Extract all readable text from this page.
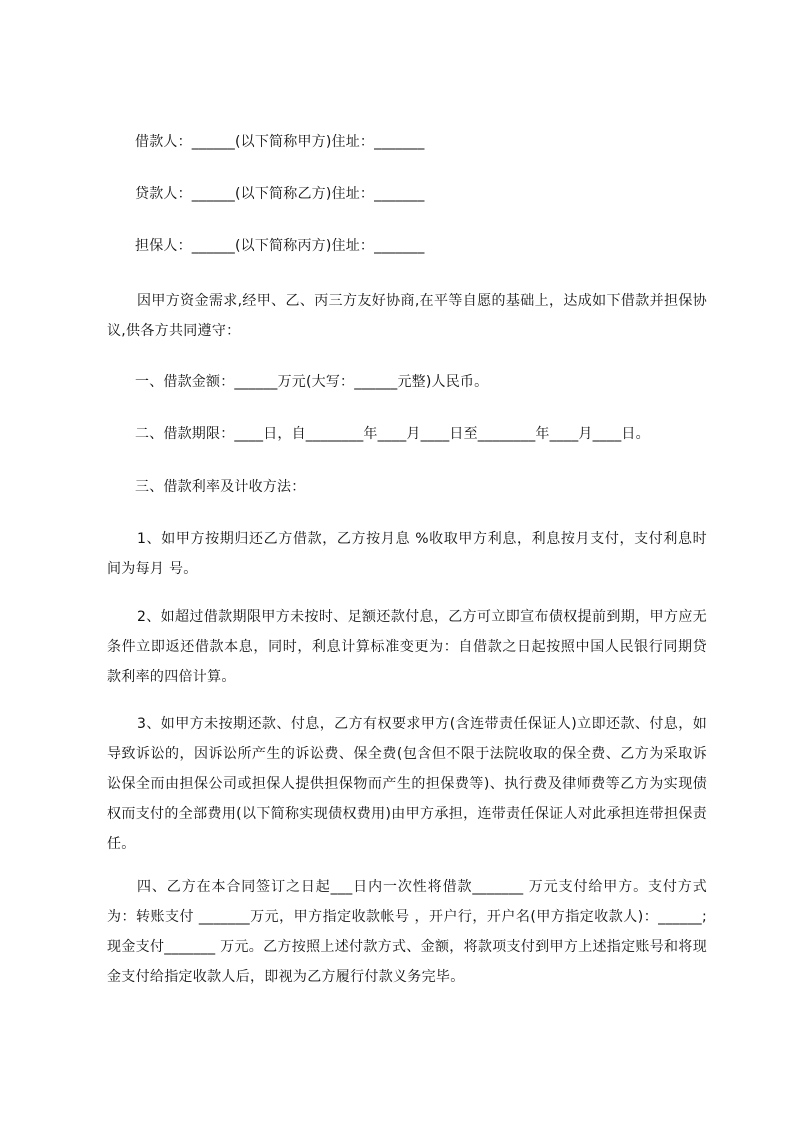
借款人：______(以下简称甲方)住址：_______
贷款人：______(以下简称乙方)住址：_______
担保人：______(以下简称丙方)住址：_______
因甲方资金需求,经甲、乙、丙三方友好协商,在平等自愿的基础上，达成如下借款并担保协议,供各方共同遵守：
一、借款金额：______万元(大写：______元整)人民币。
二、借款期限：____日，自________年____月____日至________年____月____日。
三、借款利率及计收方法：
1、如甲方按期归还乙方借款，乙方按月息 %收取甲方利息，利息按月支付，支付利息时间为每月 号。
2、如超过借款期限甲方未按时、足额还款付息，乙方可立即宣布债权提前到期，甲方应无条件立即返还借款本息，同时，利息计算标准变更为：自借款之日起按照中国人民银行同期贷款利率的四倍计算。
3、如甲方未按期还款、付息，乙方有权要求甲方(含连带责任保证人)立即还款、付息，如导致诉讼的，因诉讼所产生的诉讼费、保全费(包含但不限于法院收取的保全费、乙方为采取诉讼保全而由担保公司或担保人提供担保物而产生的担保费等)、执行费及律师费等乙方为实现债权而支付的全部费用(以下简称实现债权费用)由甲方承担，连带责任保证人对此承担连带担保责任。
四、乙方在本合同签订之日起___日内一次性将借款_______ 万元支付给甲方。支付方式为：转账支付 _______万元，甲方指定收款帐号 ，开户行，开户名(甲方指定收款人)：______;现金支付_______ 万元。乙方按照上述付款方式、金额，将款项支付到甲方上述指定账号和将现金支付给指定收款人后，即视为乙方履行付款义务完毕。
